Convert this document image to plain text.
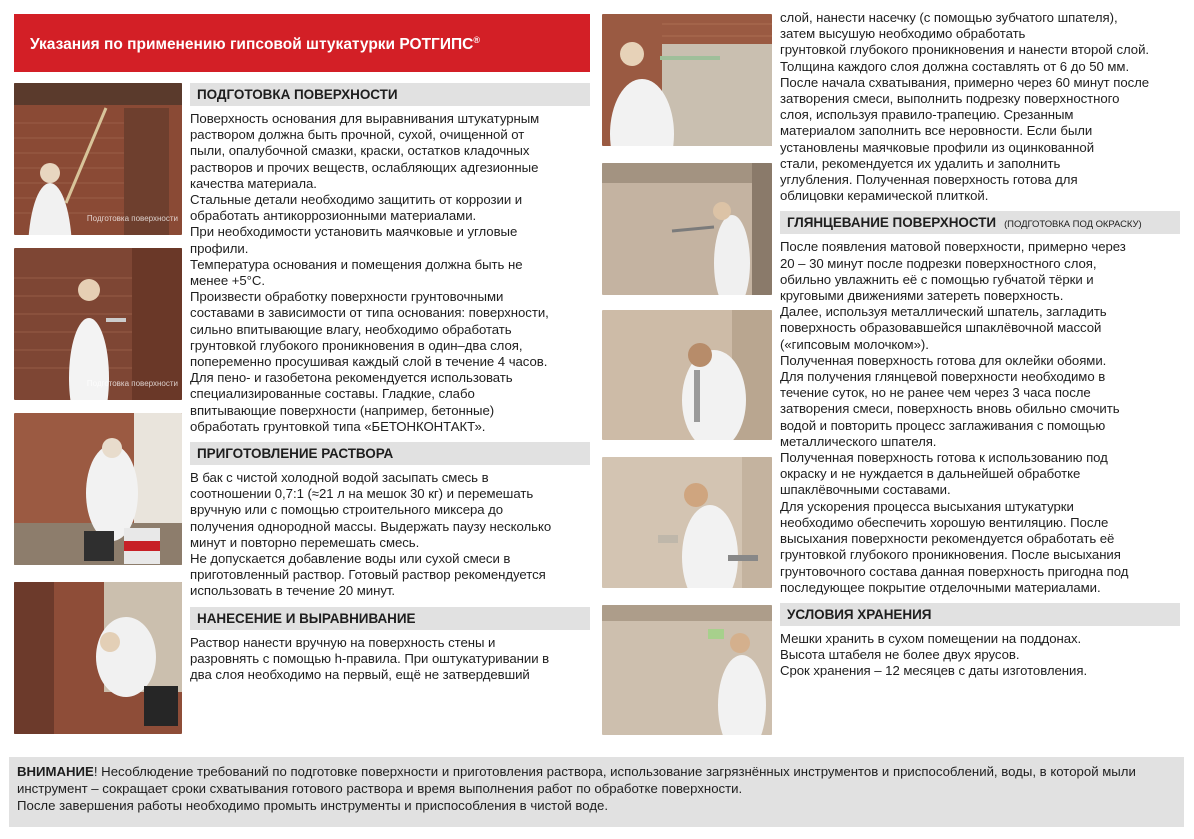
Указания по применению гипсовой штукатурки РОТГИПС®
Подготовка поверхности
Подготовка поверхности
ПОДГОТОВКА ПОВЕРХНОСТИ

Поверхность основания для выравнивания штукатурным

раствором должна быть прочной, сухой, очищенной от

пыли, опалубочной смазки, краски, остатков кладочных

растворов и прочих веществ, ослабляющих адгезионные

качества материала.

Стальные детали необходимо защитить от коррозии и

обработать антикоррозионными материалами.

При необходимости установить маячковые и угловые

профили.

Температура основания и помещения должна быть не

менее +5°С.

Произвести обработку поверхности грунтовочными

составами в зависимости от типа основания: поверхности,

сильно впитывающие влагу, необходимо обработать

грунтовкой глубокого проникновения в один–два слоя,

попеременно просушивая каждый слой в течение 4 часов.

Для пено- и газобетона рекомендуется использовать

специализированные составы. Гладкие, слабо

впитывающие поверхности (например, бетонные)

обработать грунтовкой типа «БЕТОНКОНТАКТ».

ПРИГОТОВЛЕНИЕ РАСТВОРА

В бак с чистой холодной водой засыпать смесь в

соотношении 0,7:1 (≈21 л на мешок 30 кг) и перемешать

вручную или с помощью строительного миксера до

получения однородной массы. Выдержать паузу несколько

минут и повторно перемешать смесь.

Не допускается добавление воды или сухой смеси в

приготовленный раствор. Готовый раствор рекомендуется

использовать в течение 20 минут.

НАНЕСЕНИЕ И ВЫРАВНИВАНИЕ

Раствор нанести вручную на поверхность стены и

разровнять с помощью h-правила. При оштукатуривании в

два слоя необходимо на первый, ещё не затвердевший

слой, нанести насечку (с помощью зубчатого шпателя),

затем высушую необходимо обработать

грунтовкой глубокого проникновения и нанести второй слой.

Толщина каждого слоя должна составлять от 6 до 50 мм.

После начала схватывания, примерно через 60 минут после

затворения смеси, выполнить подрезку поверхностного

слоя, используя правило-трапецию. Срезанным

материалом заполнить все неровности. Если были

установлены маячковые профили из оцинкованной

стали, рекомендуется их удалить и заполнить

углубления. Полученная поверхность готова для

облицовки керамической плиткой.

ГЛЯНЦЕВАНИЕ ПОВЕРХНОСТИ (ПОДГОТОВКА ПОД ОКРАСКУ)

После появления матовой поверхности, примерно через

20 – 30 минут после подрезки поверхностного слоя,

обильно увлажнить её с помощью губчатой тёрки и

круговыми движениями затереть поверхность.

Далее, используя металлический шпатель, загладить

поверхность образовавшейся шпаклёвочной массой

(«гипсовым молочком»).

Полученная поверхность готова для оклейки обоями.

Для получения глянцевой поверхности необходимо в

течение суток, но не ранее чем через 3 часа после

затворения смеси, поверхность вновь обильно смочить

водой и повторить процесс заглаживания с помощью

металлического шпателя.

Полученная поверхность готова к использованию под

окраску и не нуждается в дальнейшей обработке

шпаклёвочными составами.

Для ускорения процесса высыхания штукатурки

необходимо обеспечить хорошую вентиляцию. После

высыхания поверхности рекомендуется обработать её

грунтовкой глубокого проникновения. После высыхания

грунтовочного состава данная поверхность пригодна под

последующее покрытие отделочными материалами.

УСЛОВИЯ ХРАНЕНИЯ

Мешки хранить в сухом помещении на поддонах.

Высота штабеля не более двух ярусов.

Срок хранения – 12 месяцев с даты изготовления.

ВНИМАНИЕ! Несоблюдение требований по подготовке поверхности и приготовления раствора, использование загрязнённых инструментов и приспособлений, воды, в которой мыли инструмент – сокращает сроки схватывания готового раствора и время выполнения работ по обработке поверхности.
После завершения работы необходимо промыть инструменты и приспособления в чистой воде.
